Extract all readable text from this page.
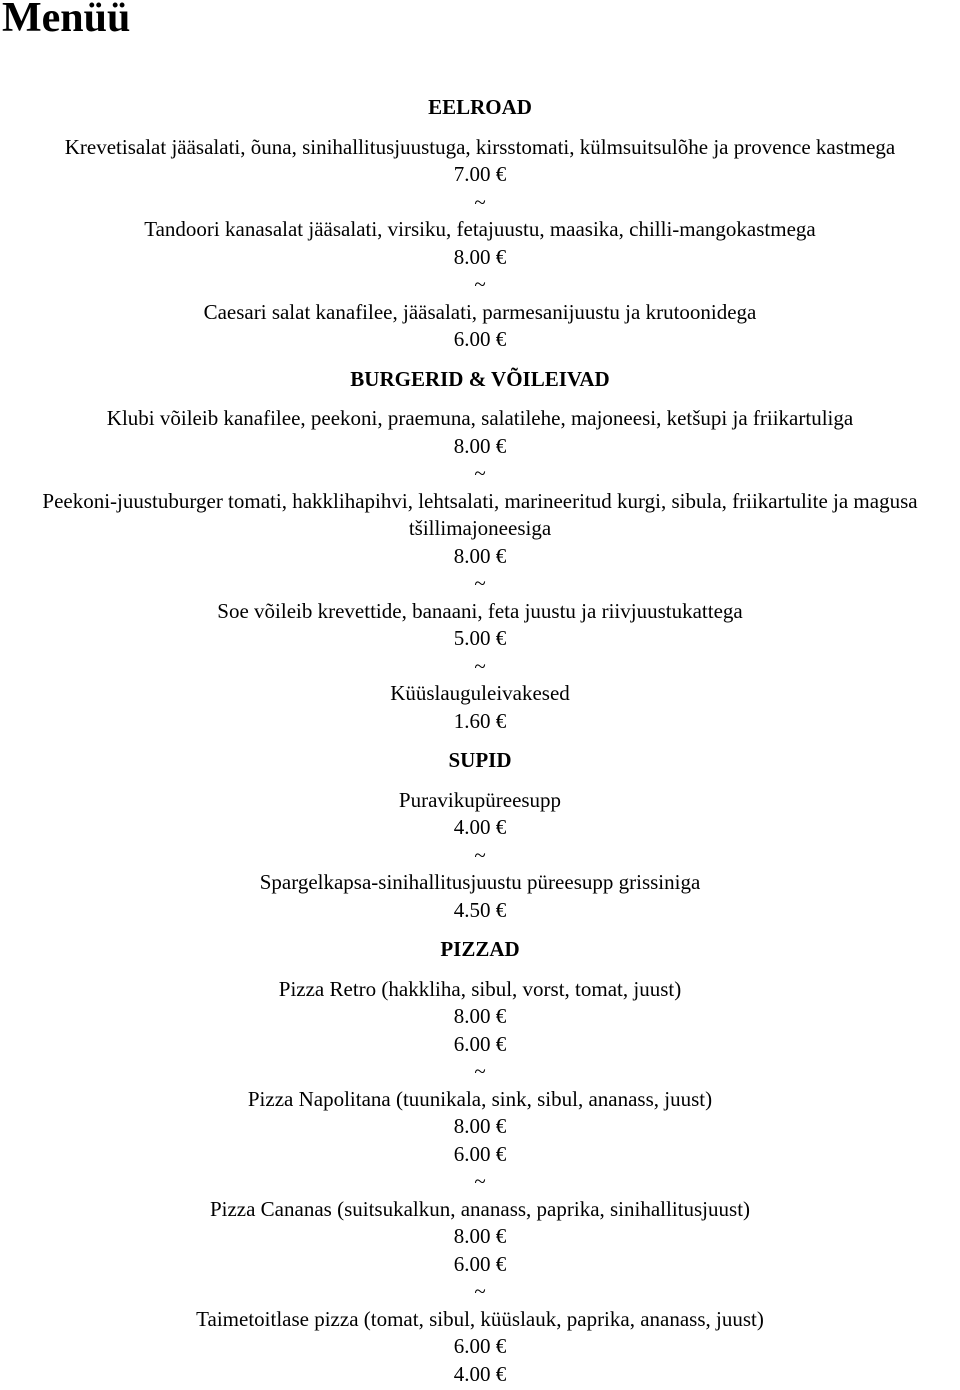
Menüü
EELROAD
Krevetisalat jääsalati, õuna, sinihallitusjuustuga, kirsstomati, külmsuitsulõhe ja provence kastmega
7.00 €
~
Tandoori kanasalat jääsalati, virsiku, fetajuustu, maasika, chilli-mangokastmega
8.00 €
~
Caesari salat kanafilee, jääsalati, parmesanijuustu ja krutoonidega
6.00 €
BURGERID & VÕILEIVAD
Klubi võileib kanafilee, peekoni, praemuna, salatilehe, majoneesi, ketšupi ja friikartuliga
8.00 €
~
Peekoni-juustuburger tomati, hakklihapihvi, lehtsalati, marineeritud kurgi, sibula, friikartulite ja magusa tšillimajoneesiga
8.00 €
~
Soe võileib krevettide, banaani, feta juustu ja riivjuustukattega
5.00 €
~
Küüslauguleivakesed
1.60 €
SUPID
Puravikupüreesupp
4.00 €
~
Spargelkapsa-sinihallitusjuustu püreesupp grissiniga
4.50 €
PIZZAD
Pizza Retro (hakkliha, sibul, vorst, tomat, juust)
8.00 €
6.00 €
~
Pizza Napolitana (tuunikala, sink, sibul, ananass, juust)
8.00 €
6.00 €
~
Pizza Cananas (suitsukalkun, ananass, paprika, sinihallitusjuust)
8.00 €
6.00 €
~
Taimetoitlase pizza (tomat, sibul, küüslauk, paprika, ananass, juust)
6.00 €
4.00 €
